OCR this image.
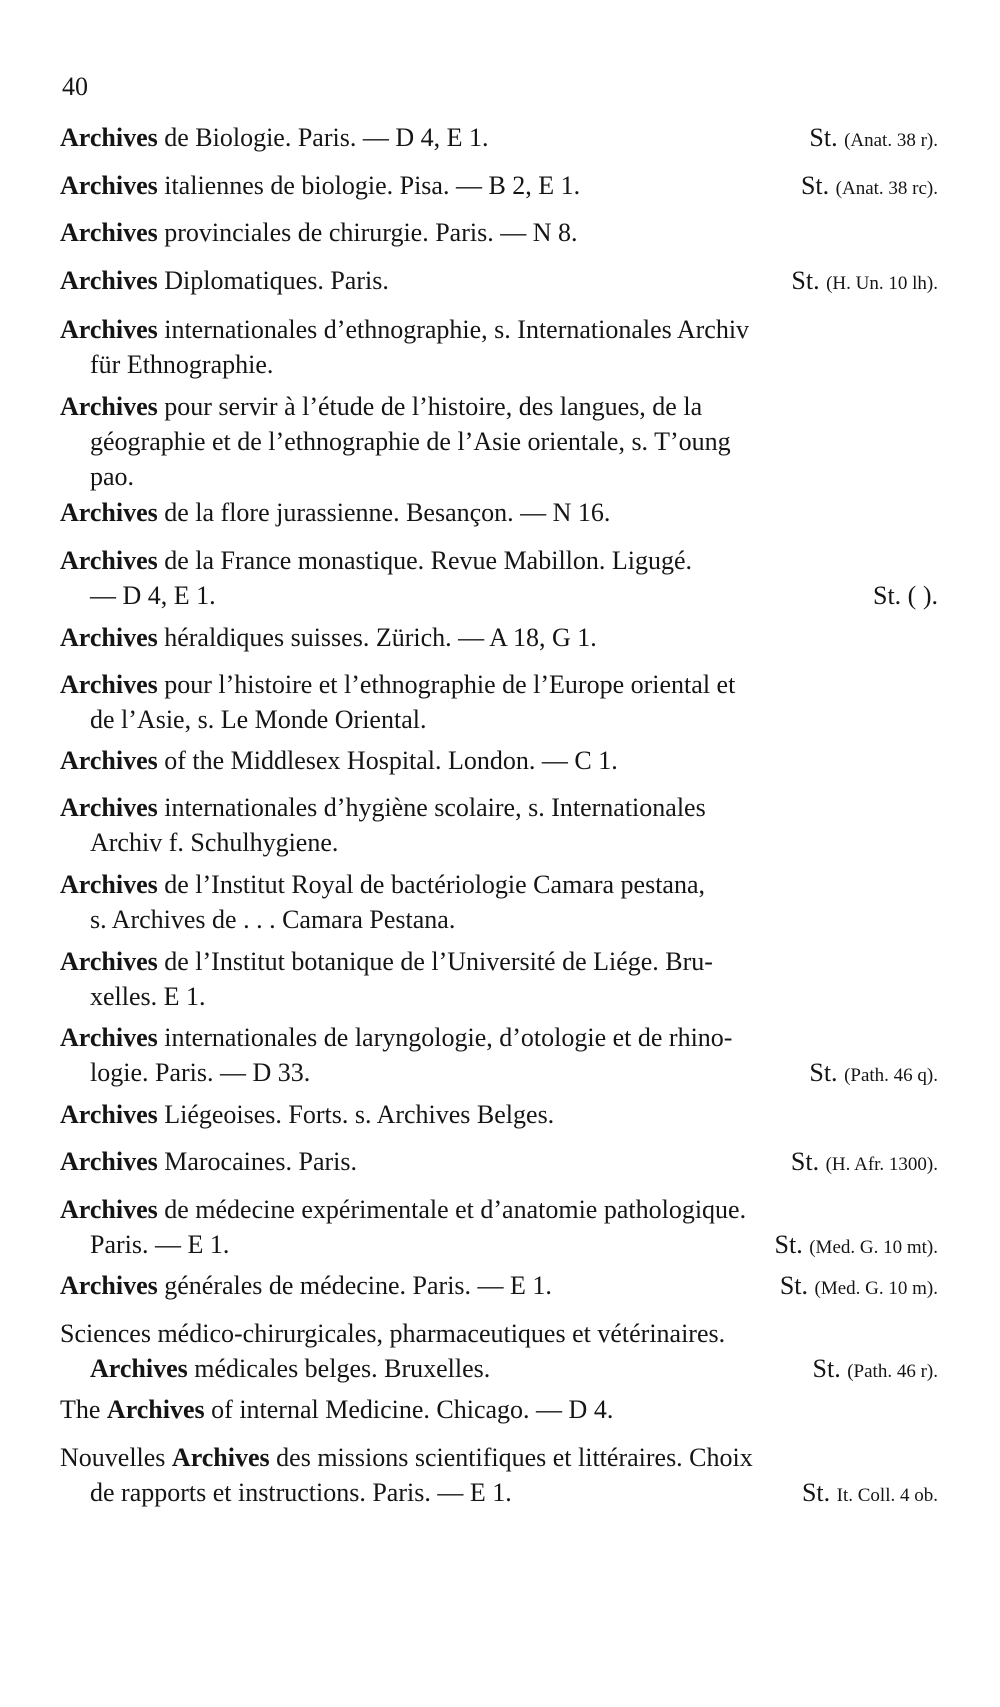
40
Archives de Biologie. Paris. — D 4, E 1.	St. (Anat. 38 r).
Archives italiennes de biologie. Pisa. — B 2, E 1.	St. (Anat. 38 rc).
Archives provinciales de chirurgie. Paris. — N 8.
Archives Diplomatiques. Paris.	St. (H. Un. 10 lh).
Archives internationales d’ethnographie, s. Internationales Archiv
für Ethnographie.
Archives pour servir à l’étude de l’histoire, des langues, de la
géographie et de l’ethnographie de l’Asie orientale, s. T’oung
pao.
Archives de la flore jurassienne. Besançon. — N 16.
Archives de la France monastique. Revue Mabillon. Ligugé.
— D 4, E 1.	St. ( ).
Archives héraldiques suisses. Zürich. — A 18, G 1.
Archives pour l’histoire et l’ethnographie de l’Europe oriental et
de l’Asie, s. Le Monde Oriental.
Archives of the Middlesex Hospital. London. — C 1.
Archives internationales d’hygiène scolaire, s. Internationales
Archiv f. Schulhygiene.
Archives de l’Institut Royal de bactériologie Camara pestana,
s. Archives de . . . Camara Pestana.
Archives de l’Institut botanique de l’Université de Liége. Bru-
xelles. E 1.
Archives internationales de laryngologie, d’otologie et de rhino-
logie. Paris. — D 33.	St. (Path. 46 q).
Archives Liégeoises. Forts. s. Archives Belges.
Archives Marocaines. Paris.	St. (H. Afr. 1300).
Archives de médecine expérimentale et d’anatomie pathologique.
Paris. — E 1.	St. (Med. G. 10 mt).
Archives générales de médecine. Paris. — E 1.	St. (Med. G. 10 m).
Sciences médico-chirurgicales, pharmaceutiques et vétérinaires.
Archives médicales belges. Bruxelles.	St. (Path. 46 r).
The Archives of internal Medicine. Chicago. — D 4.
Nouvelles Archives des missions scientifiques et littéraires. Choix
de rapports et instructions. Paris. — E 1.	St. It. Coll. 4 ob.
